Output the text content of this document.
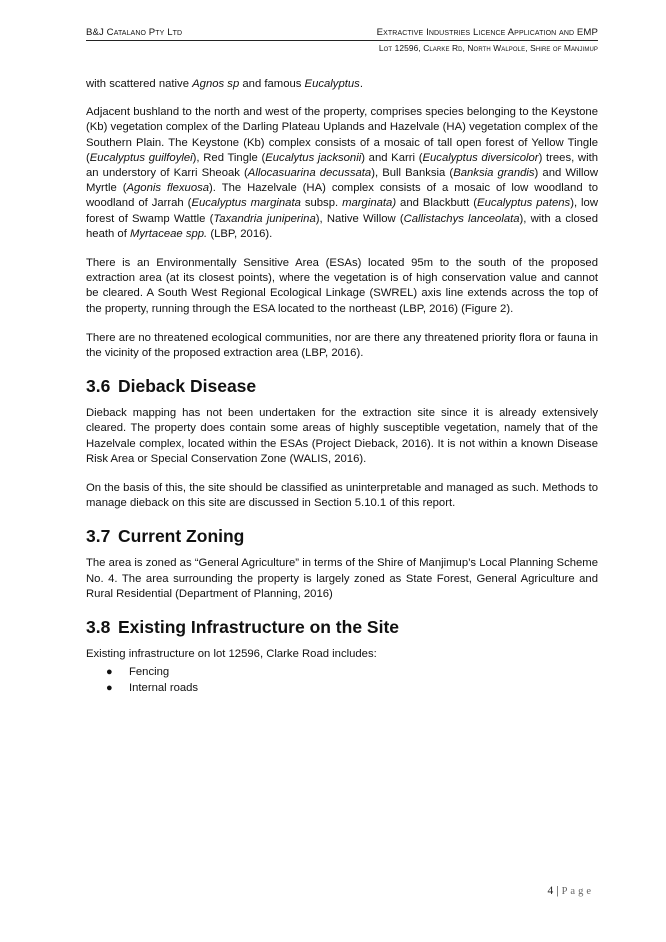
B&J Catalano Pty Ltd	Extractive Industries Licence Application and EMP
Lot 12596, Clarke Rd, North Walpole, Shire of Manjimup

with scattered native Agnos sp and famous Eucalyptus.

Adjacent bushland to the north and west of the property, comprises species belonging to the Keystone (Kb) vegetation complex of the Darling Plateau Uplands and Hazelvale (HA) vegetation complex of the Southern Plain. The Keystone (Kb) complex consists of a mosaic of tall open forest of Yellow Tingle (Eucalyptus guilfoylei), Red Tingle (Eucalytus jacksonii) and Karri (Eucalyptus diversicolor) trees, with an understory of Karri Sheoak (Allocasuarina decussata), Bull Banksia (Banksia grandis) and Willow Myrtle (Agonis flexuosa). The Hazelvale (HA) complex consists of a mosaic of low woodland to woodland of Jarrah (Eucalyptus marginata subsp. marginata) and Blackbutt (Eucalyptus patens), low forest of Swamp Wattle (Taxandria juniperina), Native Willow (Callistachys lanceolata), with a closed heath of Myrtaceae spp. (LBP, 2016).

There is an Environmentally Sensitive Area (ESAs) located 95m to the south of the proposed extraction area (at its closest points), where the vegetation is of high conservation value and cannot be cleared. A South West Regional Ecological Linkage (SWREL) axis line extends across the top of the property, running through the ESA located to the northeast (LBP, 2016) (Figure 2).

There are no threatened ecological communities, nor are there any threatened priority flora or fauna in the vicinity of the proposed extraction area (LBP, 2016).

3.6 Dieback Disease

Dieback mapping has not been undertaken for the extraction site since it is already extensively cleared. The property does contain some areas of highly susceptible vegetation, namely that of the Hazelvale complex, located within the ESAs (Project Dieback, 2016). It is not within a known Disease Risk Area or Special Conservation Zone (WALIS, 2016).

On the basis of this, the site should be classified as uninterpretable and managed as such. Methods to manage dieback on this site are discussed in Section 5.10.1 of this report.

3.7 Current Zoning

The area is zoned as “General Agriculture” in terms of the Shire of Manjimup’s Local Planning Scheme No. 4. The area surrounding the property is largely zoned as State Forest, General Agriculture and Rural Residential (Department of Planning, 2016)

3.8 Existing Infrastructure on the Site

Existing infrastructure on lot 12596, Clarke Road includes:

● Fencing
● Internal roads
4 | Page
